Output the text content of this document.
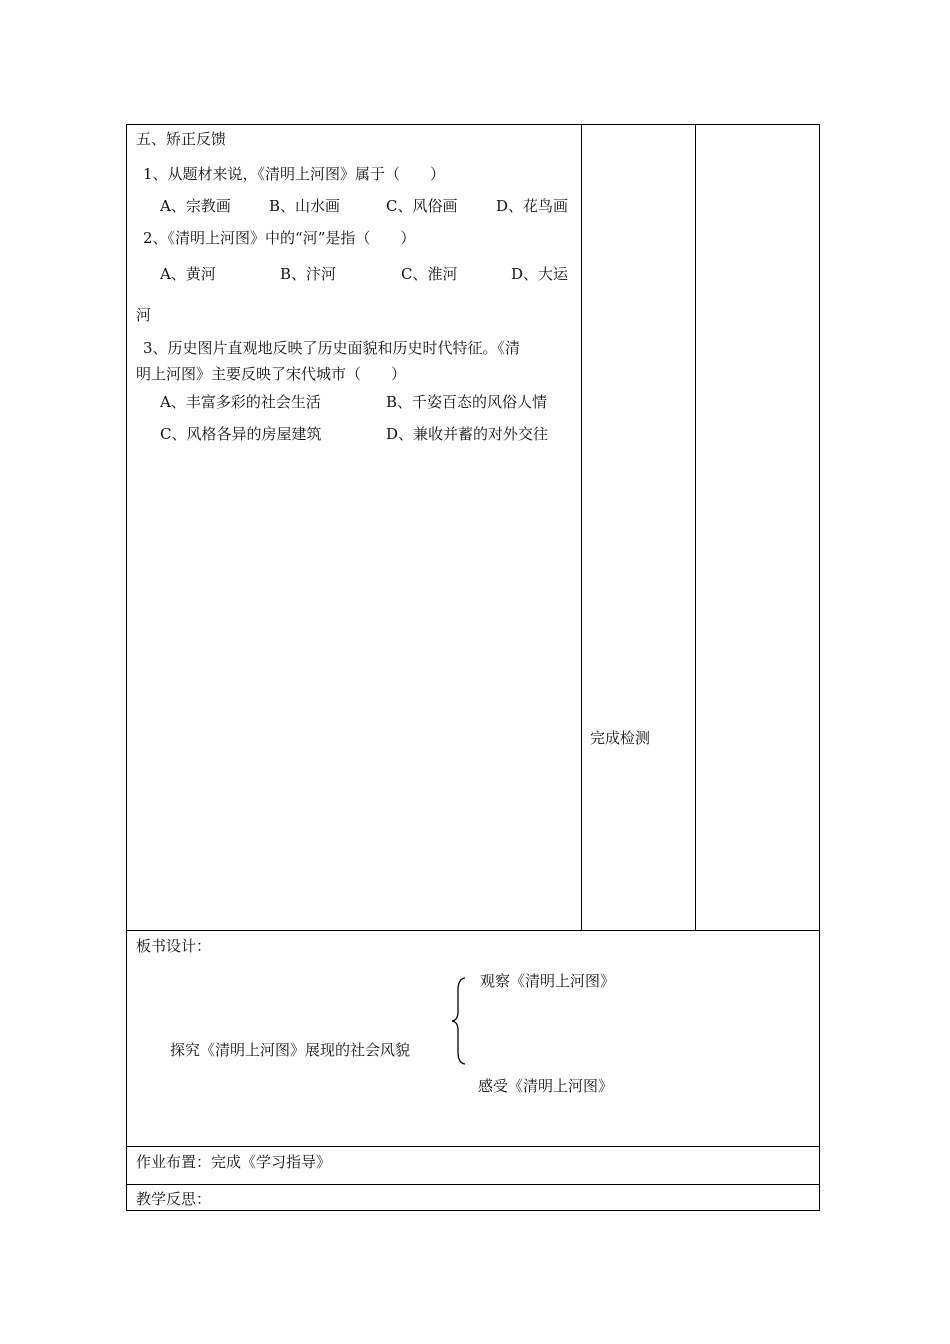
五、矫正反馈
1、从题材来说，《清明上河图》属于（　　）
A、宗教画	B、山水画	C、风俗画	D、花鸟画
2、《清明上河图》中的“河”是指（　　）
A、黄河	B、汴河	C、淮河	D、大运
河
3、历史图片直观地反映了历史面貌和历史时代特征。《清
明上河图》主要反映了宋代城市（　　）
A、丰富多彩的社会生活	B、千姿百态的风俗人情
C、风格各异的房屋建筑	D、兼收并蓄的对外交往
完成检测
板书设计：
观察《清明上河图》
探究《清明上河图》展现的社会风貌
感受《清明上河图》
作业布置：完成《学习指导》
教学反思：
